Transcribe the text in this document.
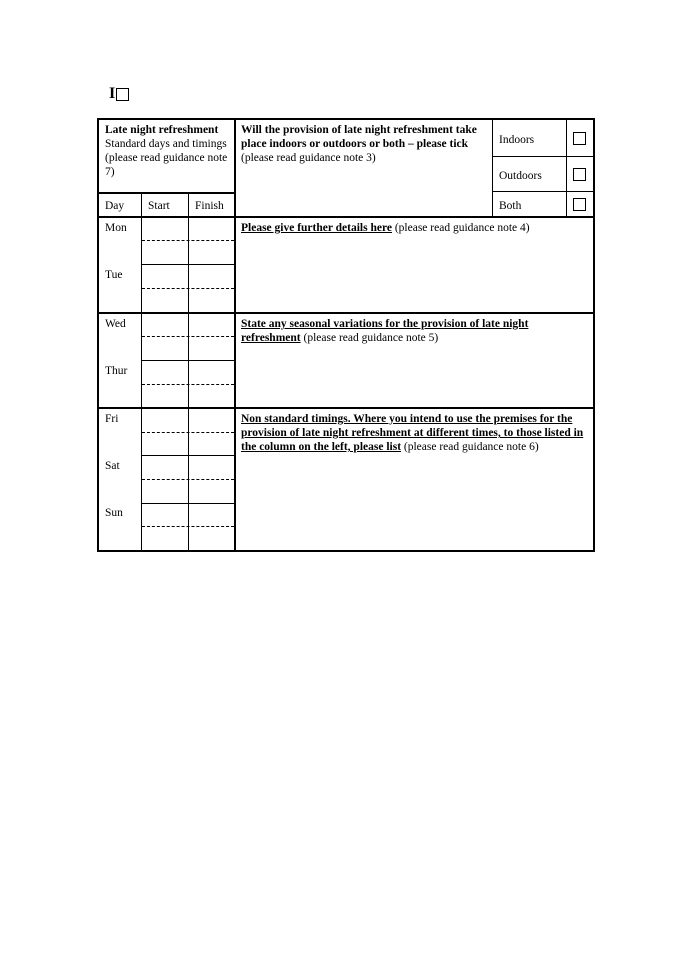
I
Late night refreshment
Standard days and timings (please read guidance note 7)
Will the provision of late night refreshment take place indoors or outdoors or both – please tick (please read guidance note 3)
Indoors
Outdoors
Both
Day Start Finish
Mon
Tue
Wed
Thur
Fri
Sat
Sun
Please give further details here (please read guidance note 4)
State any seasonal variations for the provision of late night refreshment (please read guidance note 5)
Non standard timings. Where you intend to use the premises for the provision of late night refreshment at different times, to those listed in the column on the left, please list (please read guidance note 6)
